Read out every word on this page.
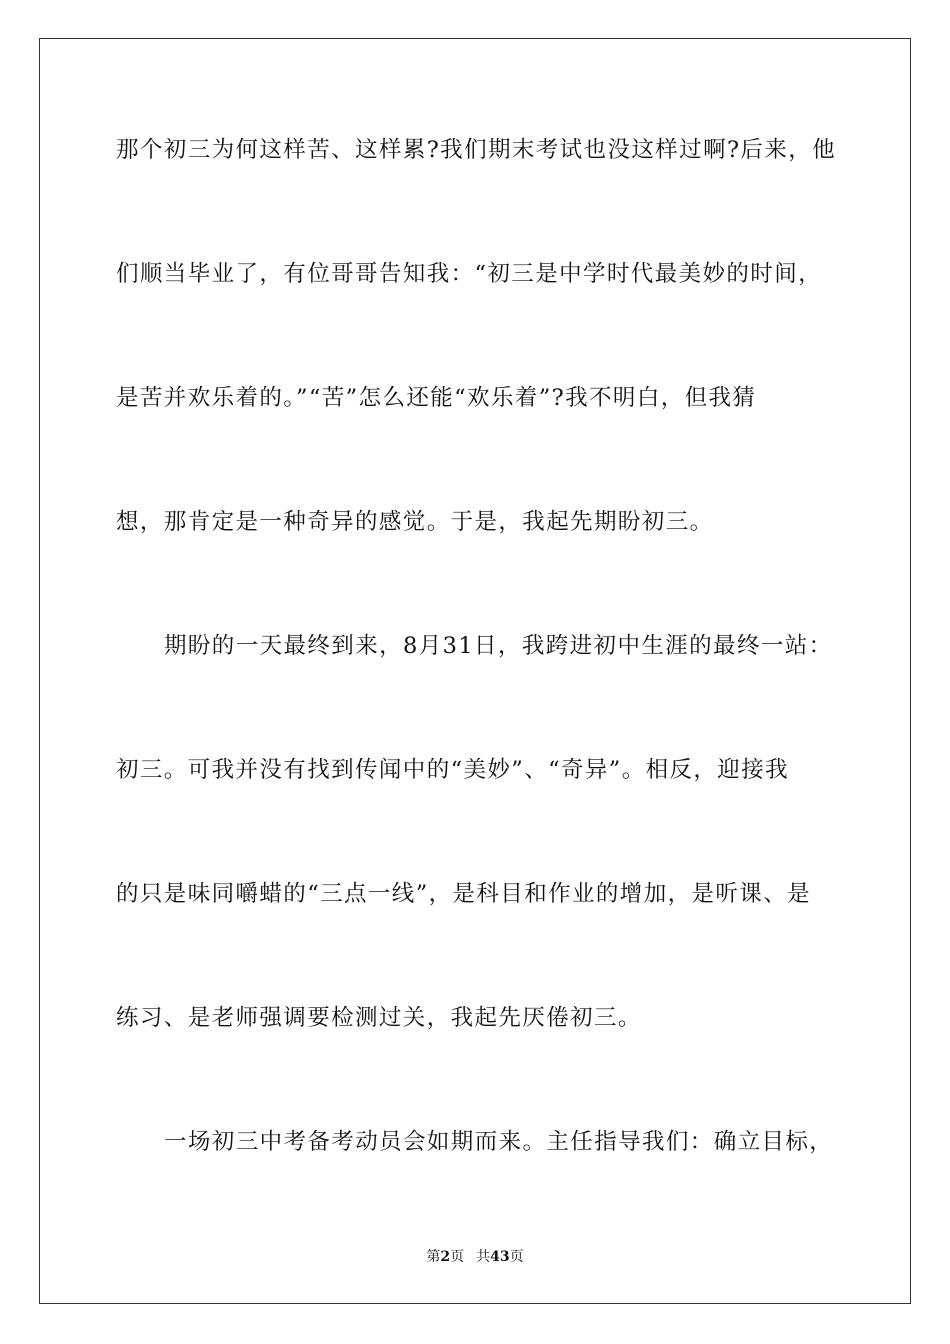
那个初三为何这样苦、这样累?我们期末考试也没这样过啊?后来，他
们顺当毕业了，有位哥哥告知我：“初三是中学时代最美妙的时间，
是苦并欢乐着的。”“苦”怎么还能“欢乐着”?我不明白，但我猜
想，那肯定是一种奇异的感觉。于是，我起先期盼初三。
期盼的一天最终到来，8月31日，我跨进初中生涯的最终一站：
初三。可我并没有找到传闻中的“美妙”、“奇异”。相反，迎接我
的只是味同嚼蜡的“三点一线”，是科目和作业的增加，是听课、是
练习、是老师强调要检测过关，我起先厌倦初三。
一场初三中考备考动员会如期而来。主任指导我们：确立目标，
第2页 共43页
